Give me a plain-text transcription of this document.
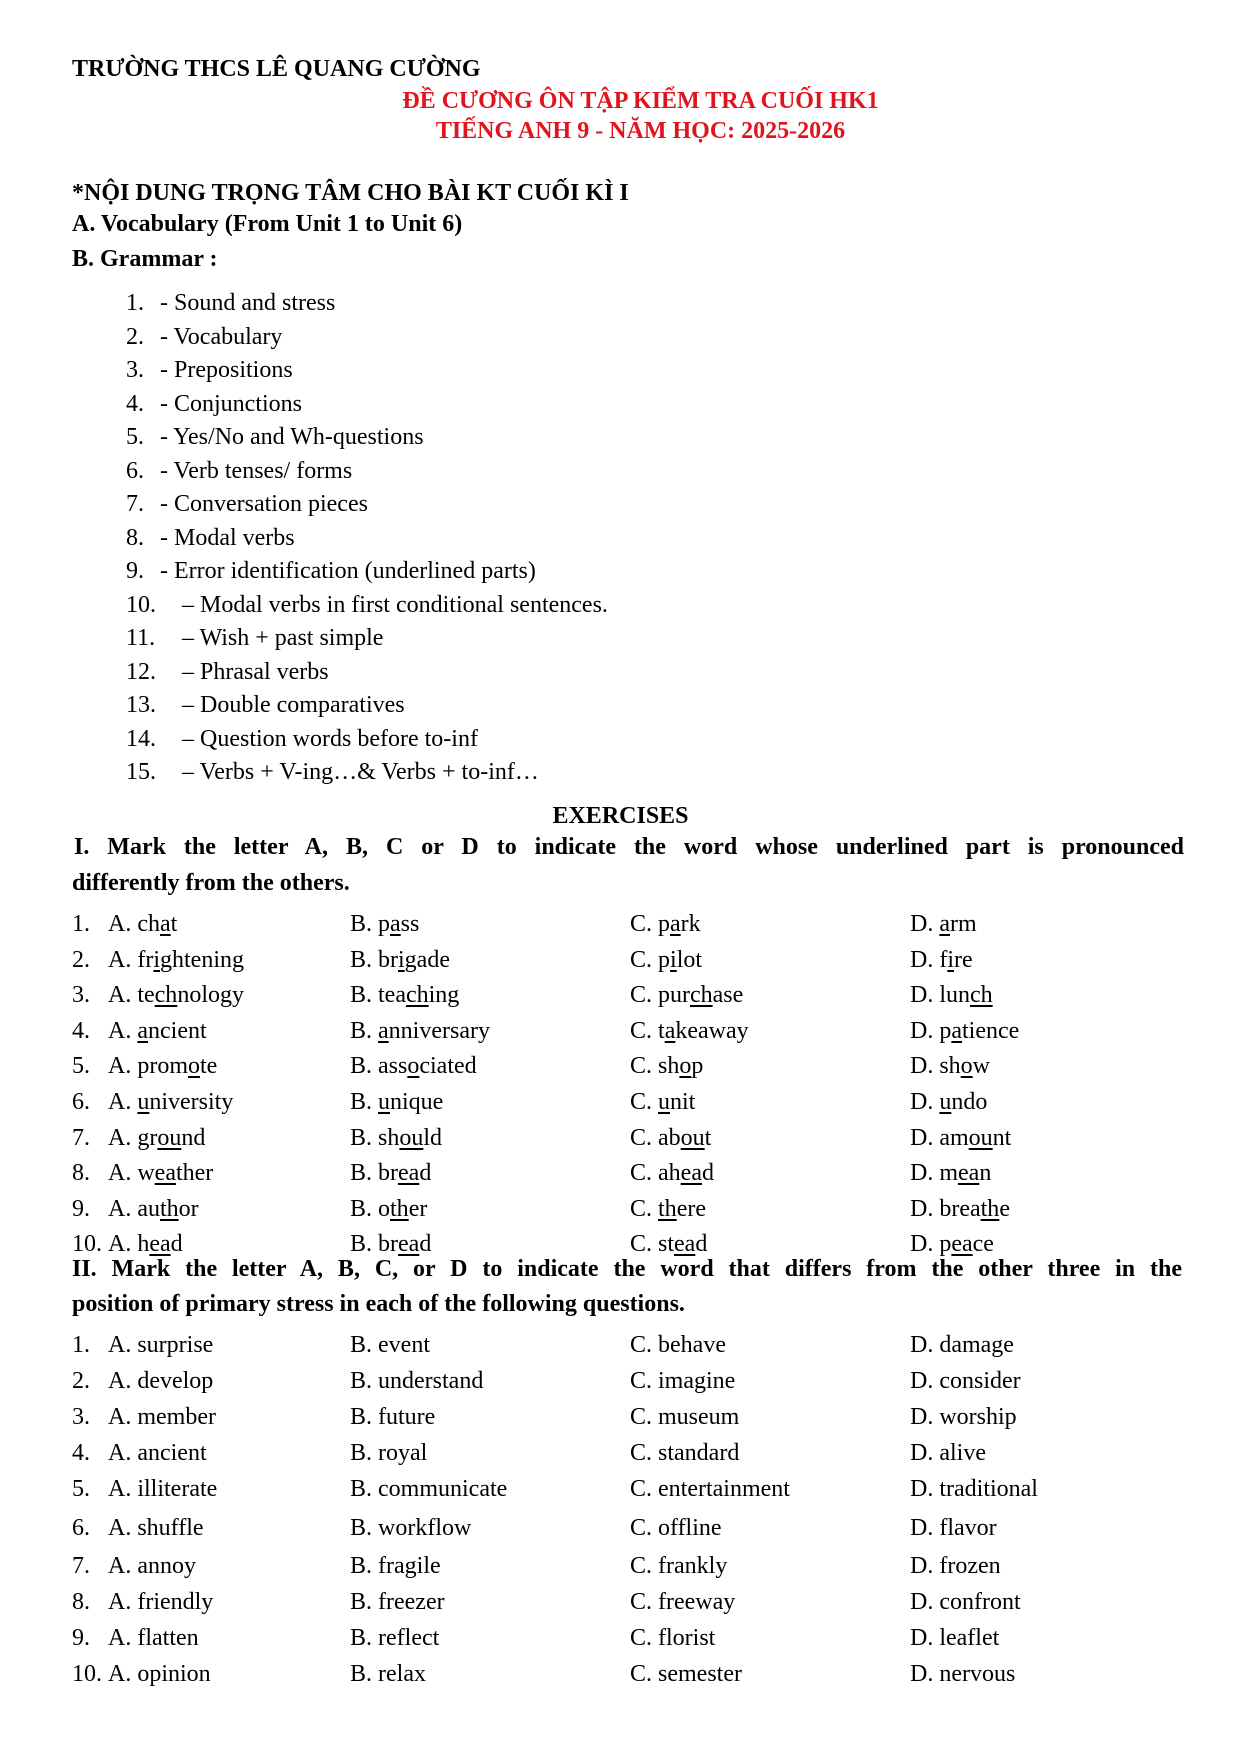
TRƯỜNG THCS LÊ QUANG CƯỜNG
ĐỀ CƯƠNG ÔN TẬP KIỂM TRA CUỐI HK1
TIẾNG ANH 9 - NĂM HỌC: 2025-2026
*NỘI DUNG TRỌNG TÂM CHO BÀI KT CUỐI KÌ I
A. Vocabulary (From Unit 1 to Unit 6)
B. Grammar :
1. - Sound and stress
2. - Vocabulary
3. - Prepositions
4. - Conjunctions
5. - Yes/No and Wh-questions
6. - Verb tenses/ forms
7. - Conversation pieces
8. - Modal verbs
9. - Error identification (underlined parts)
10. – Modal verbs in first conditional sentences.
11. – Wish + past simple
12. – Phrasal verbs
13. – Double comparatives
14. – Question words before to-inf
15. – Verbs + V-ing…& Verbs + to-inf…
EXERCISES
I. Mark the letter A, B, C or D to indicate the word whose underlined part is pronounced
differently from the others.
1. A. chat	B. pass	C. park	D. arm
2. A. frightening	B. brigade	C. pilot	D. fire
3. A. technology	B. teaching	C. purchase	D. lunch
4. A. ancient	B. anniversary	C. takeaway	D. patience
5. A. promote	B. associated	C. shop	D. show
6. A. university	B. unique	C. unit	D. undo
7. A. ground	B. should	C. about	D. amount
8. A. weather	B. bread	C. ahead	D. mean
9. A. author	B. other	C. there	D. breathe
10. A. head	B. bread	C. stead	D. peace
II. Mark the letter A, B, C, or D to indicate the word that differs from the other three in the
position of primary stress in each of the following questions.
1. A. surprise	B. event	C. behave	D. damage
2. A. develop	B. understand	C. imagine	D. consider
3. A. member	B. future	C. museum	D. worship
4. A. ancient	B. royal	C. standard	D. alive
5. A. illiterate	B. communicate	C. entertainment	D. traditional
6. A. shuffle	B. workflow	C. offline	D. flavor
7. A. annoy	B. fragile	C. frankly	D. frozen
8. A. friendly	B. freezer	C. freeway	D. confront
9. A. flatten	B. reflect	C. florist	D. leaflet
10. A. opinion	B. relax	C. semester	D. nervous
